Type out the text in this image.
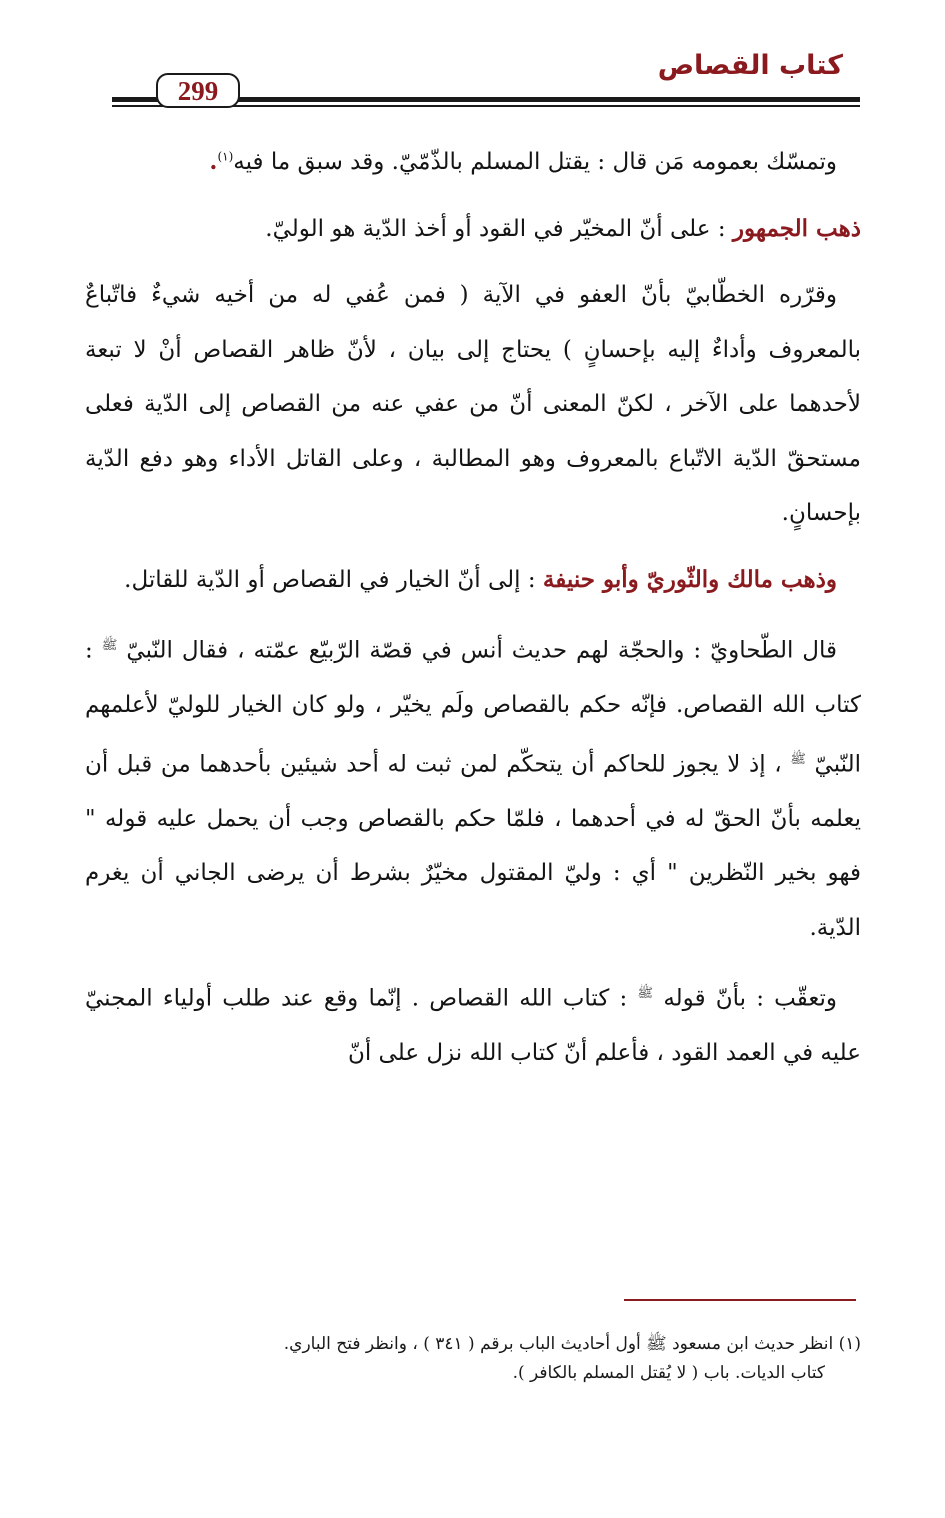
كتاب القصاص
299

وتمسّك بعمومه مَن قال : يقتل المسلم بالذّمّيّ. وقد سبق ما فيه$^{(١)}$.

ذهب الجمهور : على أنّ المخيّر في القود أو أخذ الدّية هو الوليّ.

وقرّره الخطّابيّ بأنّ العفو في الآية ( فمن عُفي له من أخيه شيءٌ فاتّباعٌ بالمعروف وأداءٌ إليه بإحسانٍ ) يحتاج إلى بيان ، لأنّ ظاهر القصاص أنْ لا تبعة لأحدهما على الآخر ، لكنّ المعنى أنّ من عفي عنه من القصاص إلى الدّية فعلى مستحقّ الدّية الاتّباع بالمعروف وهو المطالبة ، وعلى القاتل الأداء وهو دفع الدّية بإحسانٍ.

وذهب مالك والثّوريّ وأبو حنيفة : إلى أنّ الخيار في القصاص أو الدّية للقاتل.

قال الطّحاويّ : والحجّة لهم حديث أنس في قصّة الرّبيّع عمّته ، فقال النّبيّ $^ﷺ$ : كتاب الله القصاص. فإنّه حكم بالقصاص ولَم يخيّر ، ولو كان الخيار للوليّ لأعلمهم النّبيّ $^ﷺ$ ، إذ لا يجوز للحاكم أن يتحكّم لمن ثبت له أحد شيئين بأحدهما من قبل أن يعلمه بأنّ الحقّ له في أحدهما ، فلمّا حكم بالقصاص وجب أن يحمل عليه قوله " فهو بخير النّظرين " أي : وليّ المقتول مخيّرٌ بشرط أن يرضى الجاني أن يغرم الدّية.

وتعقّب : بأنّ قوله $^ﷺ$ : كتاب الله القصاص . إنّما وقع عند طلب أولياء المجنيّ عليه في العمد القود ، فأعلم أنّ كتاب الله نزل على أنّ

(١) انظر حديث ابن مسعود ﷺ أول أحاديث الباب برقم ( ٣٤١ ) ، وانظر فتح الباري.

كتاب الديات. باب ( لا يُقتل المسلم بالكافر ).
